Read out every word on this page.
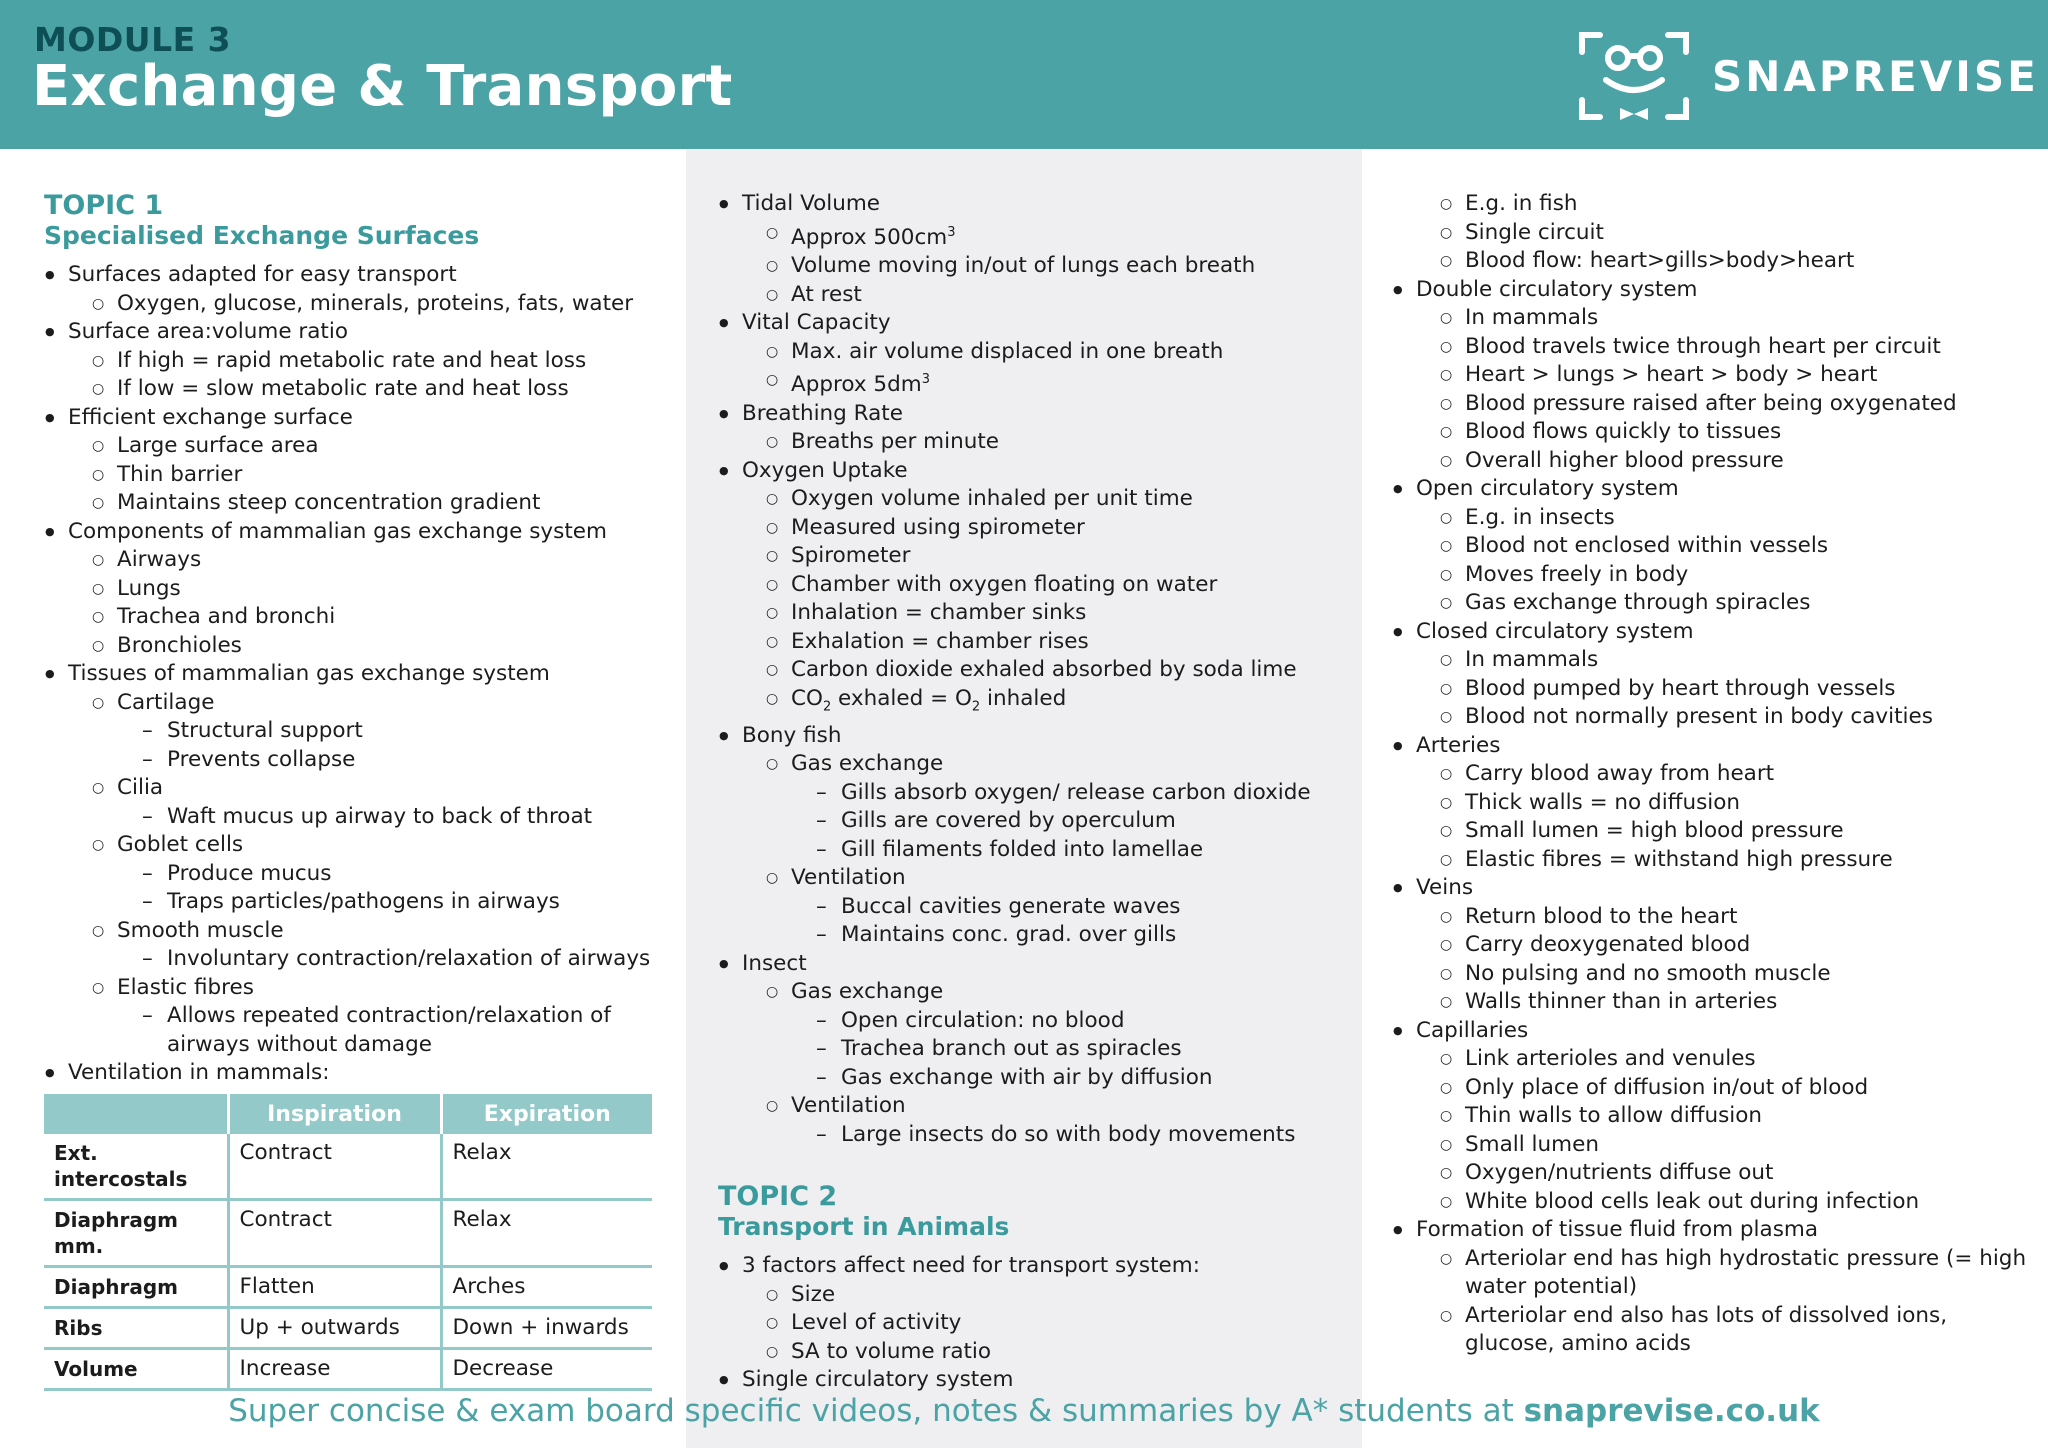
MODULE 3
Exchange & Transport	SNAPREVISE
TOPIC 1
Specialised Exchange Surfaces
● Surfaces adapted for easy transport
○ Oxygen, glucose, minerals, proteins, fats, water
● Surface area:volume ratio
○ If high = rapid metabolic rate and heat loss
○ If low = slow metabolic rate and heat loss
● Efficient exchange surface
○ Large surface area
○ Thin barrier
○ Maintains steep concentration gradient
● Components of mammalian gas exchange system
○ Airways
○ Lungs
○ Trachea and bronchi
○ Bronchioles
● Tissues of mammalian gas exchange system
○ Cartilage
– Structural support
– Prevents collapse
○ Cilia
– Waft mucus up airway to back of throat
○ Goblet cells
– Produce mucus
– Traps particles/pathogens in airways
○ Smooth muscle
– Involuntary contraction/relaxation of airways
○ Elastic fibres
– Allows repeated contraction/relaxation of
airways without damage
● Ventilation in mammals:
	Inspiration	Expiration
Ext. intercostals	Contract	Relax
Diaphragm mm.	Contract	Relax
Diaphragm	Flatten	Arches
Ribs	Up + outwards	Down + inwards
Volume	Increase	Decrease
● Tidal Volume
○ Approx $500cm^3$
○ Volume moving in/out of lungs each breath
○ At rest
● Vital Capacity
○ Max. air volume displaced in one breath
○ Approx $5dm^3$
● Breathing Rate
○ Breaths per minute
● Oxygen Uptake
○ Oxygen volume inhaled per unit time
○ Measured using spirometer
○ Spirometer
○ Chamber with oxygen floating on water
○ Inhalation = chamber sinks
○ Exhalation = chamber rises
○ Carbon dioxide exhaled absorbed by soda lime
○ $CO_2$ exhaled = $O_2$ inhaled
● Bony fish
○ Gas exchange
– Gills absorb oxygen/ release carbon dioxide
– Gills are covered by operculum
– Gill filaments folded into lamellae
○ Ventilation
– Buccal cavities generate waves
– Maintains conc. grad. over gills
● Insect
○ Gas exchange
– Open circulation: no blood
– Trachea branch out as spiracles
– Gas exchange with air by diffusion
○ Ventilation
– Large insects do so with body movements
TOPIC 2
Transport in Animals
● 3 factors affect need for transport system:
○ Size
○ Level of activity
○ SA to volume ratio
● Single circulatory system
○ E.g. in fish
○ Single circuit
○ Blood flow: heart>gills>body>heart
● Double circulatory system
○ In mammals
○ Blood travels twice through heart per circuit
○ Heart > lungs > heart > body > heart
○ Blood pressure raised after being oxygenated
○ Blood flows quickly to tissues
○ Overall higher blood pressure
● Open circulatory system
○ E.g. in insects
○ Blood not enclosed within vessels
○ Moves freely in body
○ Gas exchange through spiracles
● Closed circulatory system
○ In mammals
○ Blood pumped by heart through vessels
○ Blood not normally present in body cavities
● Arteries
○ Carry blood away from heart
○ Thick walls = no diffusion
○ Small lumen = high blood pressure
○ Elastic fibres = withstand high pressure
● Veins
○ Return blood to the heart
○ Carry deoxygenated blood
○ No pulsing and no smooth muscle
○ Walls thinner than in arteries
● Capillaries
○ Link arterioles and venules
○ Only place of diffusion in/out of blood
○ Thin walls to allow diffusion
○ Small lumen
○ Oxygen/nutrients diffuse out
○ White blood cells leak out during infection
● Formation of tissue fluid from plasma
○ Arteriolar end has high hydrostatic pressure (= high
water potential)
○ Arteriolar end also has lots of dissolved ions,
glucose, amino acids
Super concise & exam board specific videos, notes & summaries by A* students at snaprevise.co.uk
